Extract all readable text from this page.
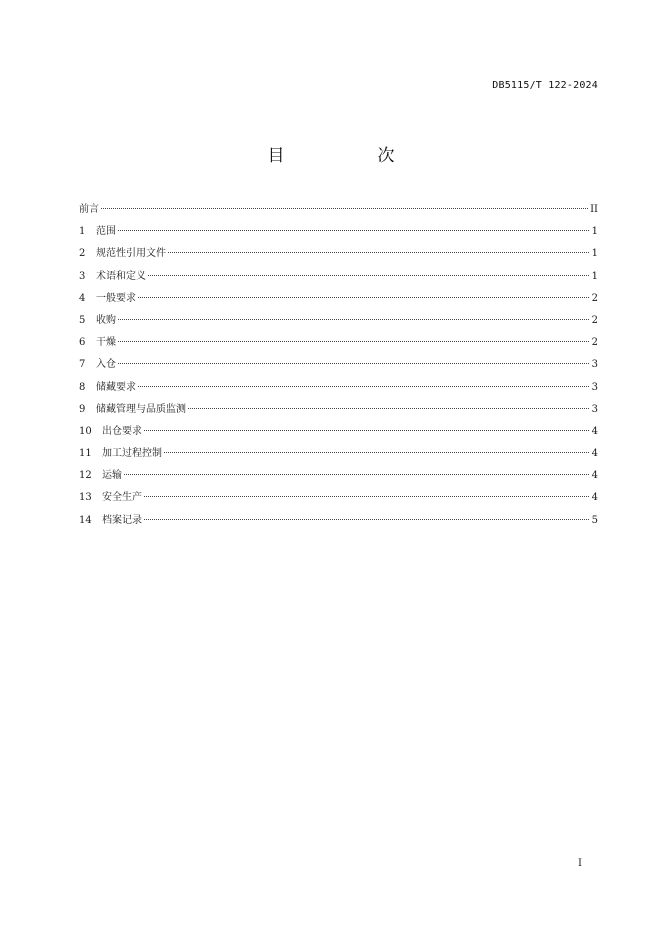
DB5115/T 122-2024
目　次
前言	II
1	范围	1
2	规范性引用文件	1
3	术语和定义	1
4	一般要求	2
5	收购	2
6	干燥	2
7	入仓	3
8	储藏要求	3
9	储藏管理与品质监测	3
10	出仓要求	4
11	加工过程控制	4
12	运输	4
13	安全生产	4
14	档案记录	5
I
